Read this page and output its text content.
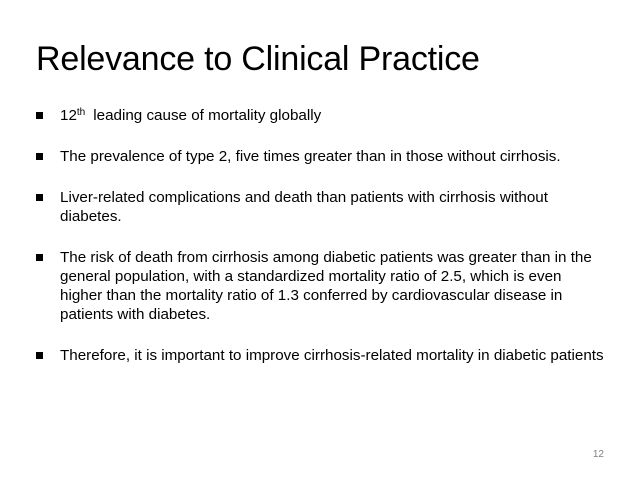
Relevance to Clinical Practice
12th leading cause of mortality globally
The prevalence of type 2, five times greater than in those without cirrhosis.
Liver-related complications and death than patients with cirrhosis without diabetes.
The risk of death from cirrhosis among diabetic patients was greater than in the general population, with a standardized mortality ratio of 2.5, which is even higher than the mortality ratio of 1.3 conferred by cardiovascular disease in patients with diabetes.
Therefore, it is important to improve cirrhosis-related mortality in diabetic patients
12
